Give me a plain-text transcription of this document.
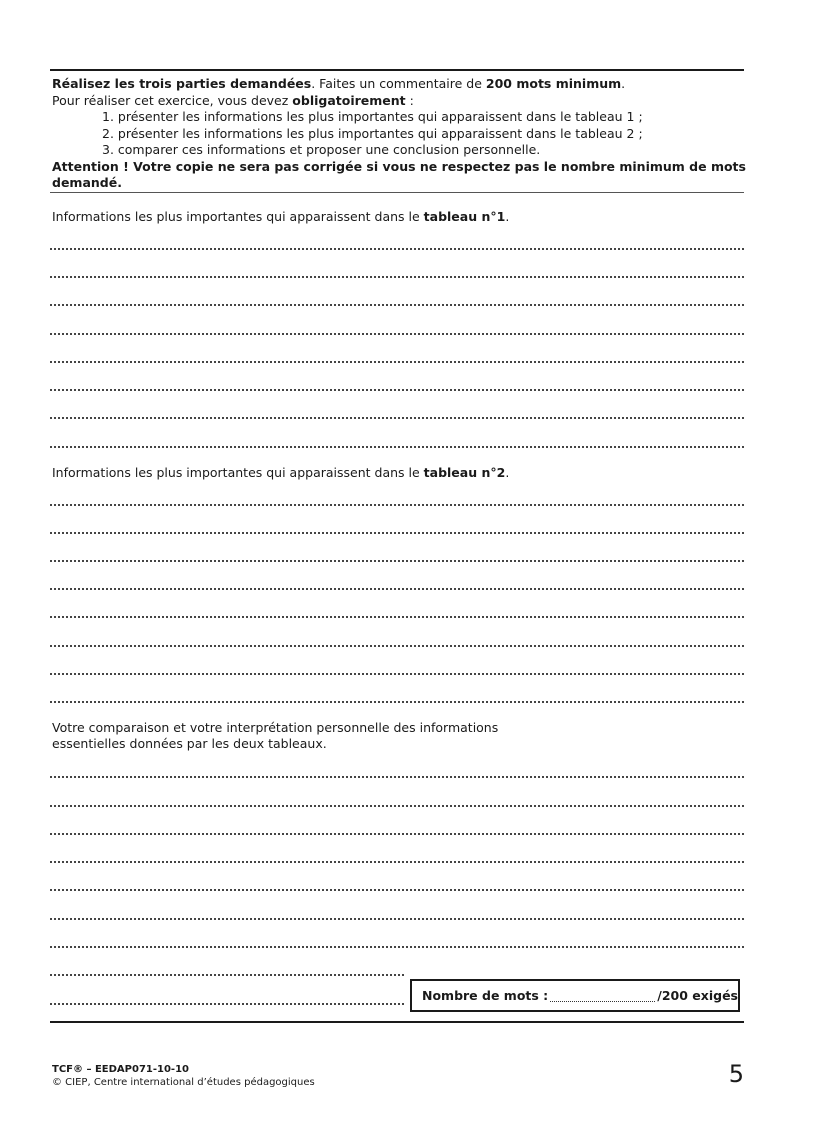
Réalisez les trois parties demandées. Faites un commentaire de 200 mots minimum.

Pour réaliser cet exercice, vous devez obligatoirement :

1. présenter les informations les plus importantes qui apparaissent dans le tableau 1 ;

2. présenter les informations les plus importantes qui apparaissent dans le tableau 2 ;

3. comparer ces informations et proposer une conclusion personnelle.

Attention ! Votre copie ne sera pas corrigée si vous ne respectez pas le nombre minimum de mots demandé.

Informations les plus importantes qui apparaissent dans le tableau n°1.
Informations les plus importantes qui apparaissent dans le tableau n°2.
Votre comparaison et votre interprétation personnelle des informations
essentielles données par les deux tableaux.
Nombre de mots :	/200 exigés
TCF® – EEDAP071-10-10
© CIEP, Centre international d’études pédagogiques	5
